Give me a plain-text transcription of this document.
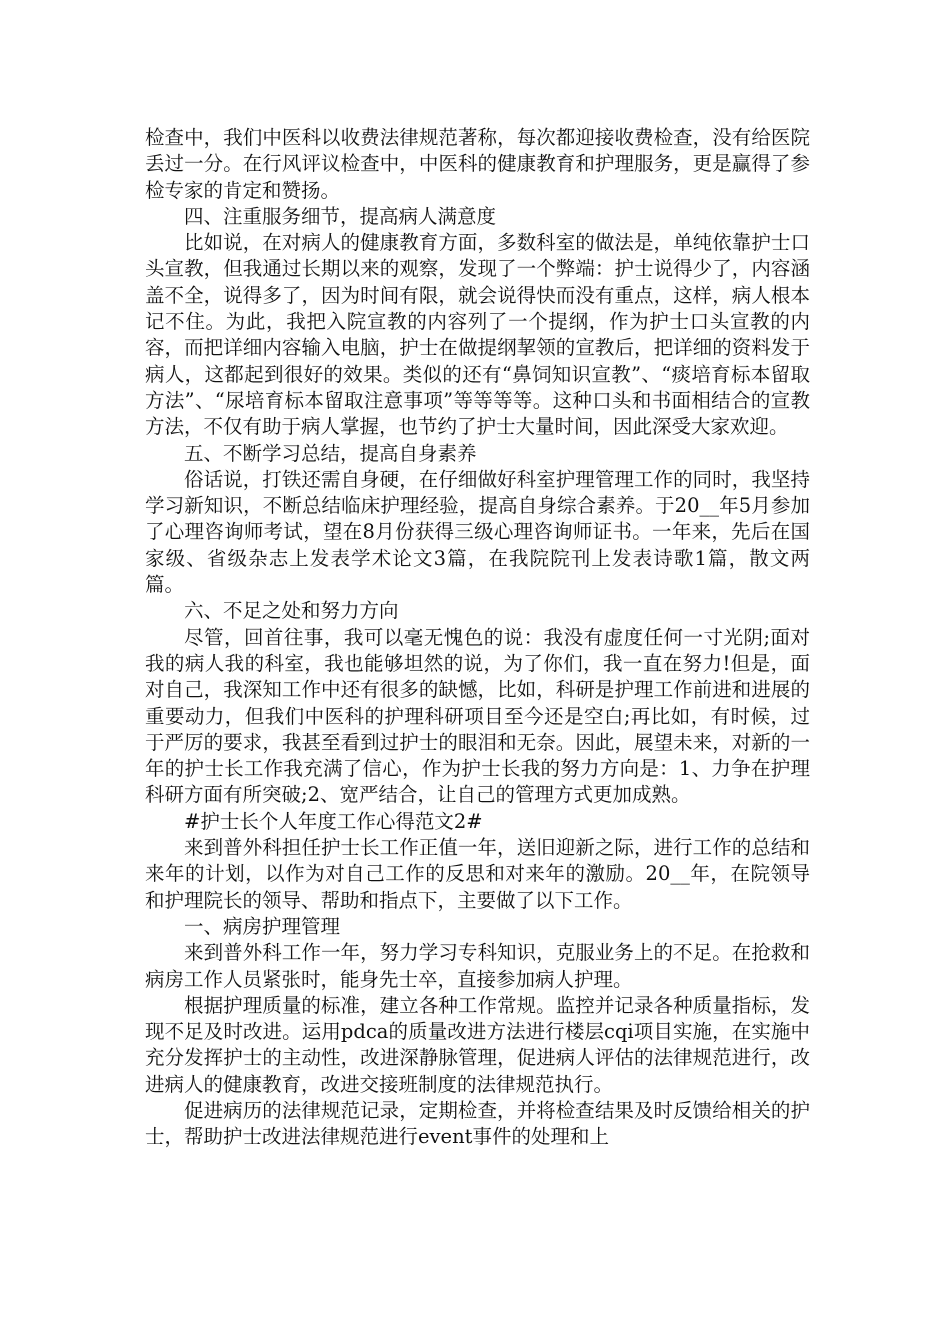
检查中，我们中医科以收费法律规范著称，每次都迎接收费检查，没有给医院丢过一分。在行风评议检查中，中医科的健康教育和护理服务，更是赢得了参检专家的肯定和赞扬。

四、注重服务细节，提高病人满意度

比如说，在对病人的健康教育方面，多数科室的做法是，单纯依靠护士口头宣教，但我通过长期以来的观察，发现了一个弊端：护士说得少了，内容涵盖不全，说得多了，因为时间有限，就会说得快而没有重点，这样，病人根本记不住。为此，我把入院宣教的内容列了一个提纲，作为护士口头宣教的内容，而把详细内容输入电脑，护士在做提纲挈领的宣教后，把详细的资料发于病人，这都起到很好的效果。类似的还有“鼻饲知识宣教”、“痰培育标本留取方法”、“尿培育标本留取注意事项”等等等等。这种口头和书面相结合的宣教方法，不仅有助于病人掌握，也节约了护士大量时间，因此深受大家欢迎。

五、不断学习总结，提高自身素养

俗话说，打铁还需自身硬，在仔细做好科室护理管理工作的同时，我坚持学习新知识，不断总结临床护理经验，提高自身综合素养。于20__年5月参加了心理咨询师考试，望在8月份获得三级心理咨询师证书。一年来，先后在国家级、省级杂志上发表学术论文3篇，在我院院刊上发表诗歌1篇，散文两篇。

六、不足之处和努力方向

尽管，回首往事，我可以毫无愧色的说：我没有虚度任何一寸光阴;面对我的病人我的科室，我也能够坦然的说，为了你们，我一直在努力!但是，面对自己，我深知工作中还有很多的缺憾，比如，科研是护理工作前进和进展的重要动力，但我们中医科的护理科研项目至今还是空白;再比如，有时候，过于严厉的要求，我甚至看到过护士的眼泪和无奈。因此，展望未来，对新的一年的护士长工作我充满了信心，作为护士长我的努力方向是：1、力争在护理科研方面有所突破;2、宽严结合，让自己的管理方式更加成熟。

#护士长个人年度工作心得范文2#

来到普外科担任护士长工作正值一年，送旧迎新之际，进行工作的总结和来年的计划，以作为对自己工作的反思和对来年的激励。20__年，在院领导和护理院长的领导、帮助和指点下，主要做了以下工作。

一、病房护理管理

来到普外科工作一年，努力学习专科知识，克服业务上的不足。在抢救和病房工作人员紧张时，能身先士卒，直接参加病人护理。

根据护理质量的标准，建立各种工作常规。监控并记录各种质量指标，发现不足及时改进。运用pdca的质量改进方法进行楼层cqi项目实施，在实施中充分发挥护士的主动性，改进深静脉管理，促进病人评估的法律规范进行，改进病人的健康教育，改进交接班制度的法律规范执行。

促进病历的法律规范记录，定期检查，并将检查结果及时反馈给相关的护士，帮助护士改进法律规范进行event事件的处理和上
